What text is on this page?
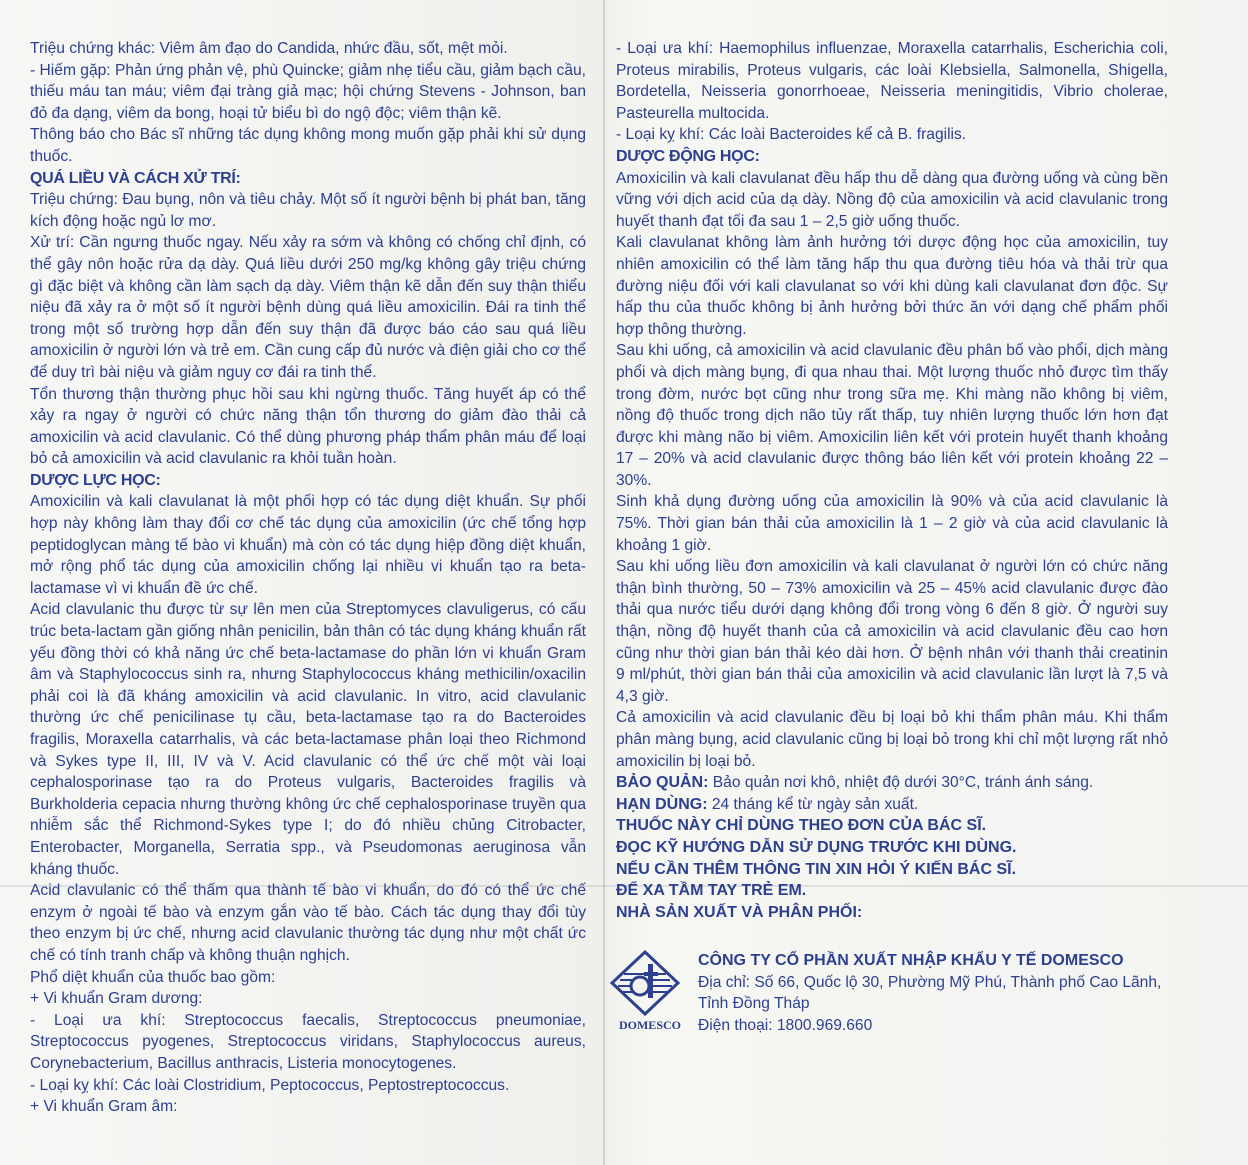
Triệu chứng khác: Viêm âm đạo do Candida, nhức đầu, sốt, mệt mỏi.

- Hiếm gặp: Phản ứng phản vệ, phù Quincke; giảm nhẹ tiểu cầu, giảm bạch cầu, thiếu máu tan máu; viêm đại tràng giả mạc; hội chứng Stevens - Johnson, ban đỏ đa dạng, viêm da bong, hoại tử biểu bì do ngộ độc; viêm thận kẽ.

Thông báo cho Bác sĩ những tác dụng không mong muốn gặp phải khi sử dụng thuốc.

QUÁ LIỀU VÀ CÁCH XỬ TRÍ:

Triệu chứng: Đau bụng, nôn và tiêu chảy. Một số ít người bệnh bị phát ban, tăng kích động hoặc ngủ lơ mơ.

Xử trí: Cần ngưng thuốc ngay. Nếu xảy ra sớm và không có chống chỉ định, có thể gây nôn hoặc rửa dạ dày. Quá liều dưới 250 mg/kg không gây triệu chứng gì đặc biệt và không cần làm sạch dạ dày. Viêm thận kẽ dẫn đến suy thận thiểu niệu đã xảy ra ở một số ít người bệnh dùng quá liều amoxicilin. Đái ra tinh thể trong một số trường hợp dẫn đến suy thận đã được báo cáo sau quá liều amoxicilin ở người lớn và trẻ em. Cần cung cấp đủ nước và điện giải cho cơ thể để duy trì bài niệu và giảm nguy cơ đái ra tinh thể.

Tổn thương thận thường phục hồi sau khi ngừng thuốc. Tăng huyết áp có thể xảy ra ngay ở người có chức năng thận tổn thương do giảm đào thải cả amoxicilin và acid clavulanic. Có thể dùng phương pháp thẩm phân máu để loại bỏ cả amoxicilin và acid clavulanic ra khỏi tuần hoàn.

DƯỢC LỰC HỌC:

Amoxicilin và kali clavulanat là một phối hợp có tác dụng diệt khuẩn. Sự phối hợp này không làm thay đổi cơ chế tác dụng của amoxicilin (ức chế tổng hợp peptidoglycan màng tế bào vi khuẩn) mà còn có tác dụng hiệp đồng diệt khuẩn, mở rộng phổ tác dụng của amoxicilin chống lại nhiều vi khuẩn tạo ra beta-lactamase vì vi khuẩn đề ức chế.

Acid clavulanic thu được từ sự lên men của Streptomyces clavuligerus, có cấu trúc beta-lactam gần giống nhân penicilin, bản thân có tác dụng kháng khuẩn rất yếu đồng thời có khả năng ức chế beta-lactamase do phần lớn vi khuẩn Gram âm và Staphylococcus sinh ra, nhưng Staphylococcus kháng methicilin/oxacilin phải coi là đã kháng amoxicilin và acid clavulanic. In vitro, acid clavulanic thường ức chế penicilinase tụ cầu, beta-lactamase tạo ra do Bacteroides fragilis, Moraxella catarrhalis, và các beta-lactamase phân loại theo Richmond và Sykes type II, III, IV và V. Acid clavulanic có thể ức chế một vài loại cephalosporinase tạo ra do Proteus vulgaris, Bacteroides fragilis và Burkholderia cepacia nhưng thường không ức chế cephalosporinase truyền qua nhiễm sắc thể Richmond-Sykes type I; do đó nhiều chủng Citrobacter, Enterobacter, Morganella, Serratia spp., và Pseudomonas aeruginosa vẫn kháng thuốc.

Acid clavulanic có thể thấm qua thành tế bào vi khuẩn, do đó có thể ức chế enzym ở ngoài tế bào và enzym gắn vào tế bào. Cách tác dụng thay đổi tùy theo enzym bị ức chế, nhưng acid clavulanic thường tác dụng như một chất ức chế có tính tranh chấp và không thuận nghịch.

Phổ diệt khuẩn của thuốc bao gồm:

+ Vi khuẩn Gram dương:

- Loại ưa khí: Streptococcus faecalis, Streptococcus pneumoniae, Streptococcus pyogenes, Streptococcus viridans, Staphylococcus aureus, Corynebacterium, Bacillus anthracis, Listeria monocytogenes.

- Loại kỵ khí: Các loài Clostridium, Peptococcus, Peptostreptococcus.

+ Vi khuẩn Gram âm:

- Loại ưa khí: Haemophilus influenzae, Moraxella catarrhalis, Escherichia coli, Proteus mirabilis, Proteus vulgaris, các loài Klebsiella, Salmonella, Shigella, Bordetella, Neisseria gonorrhoeae, Neisseria meningitidis, Vibrio cholerae, Pasteurella multocida.

- Loại kỵ khí: Các loài Bacteroides kể cả B. fragilis.

DƯỢC ĐỘNG HỌC:

Amoxicilin và kali clavulanat đều hấp thu dễ dàng qua đường uống và cùng bền vững với dịch acid của dạ dày. Nồng độ của amoxicilin và acid clavulanic trong huyết thanh đạt tối đa sau 1 – 2,5 giờ uống thuốc.

Kali clavulanat không làm ảnh hưởng tới dược động học của amoxicilin, tuy nhiên amoxicilin có thể làm tăng hấp thu qua đường tiêu hóa và thải trừ qua đường niệu đối với kali clavulanat so với khi dùng kali clavulanat đơn độc. Sự hấp thu của thuốc không bị ảnh hưởng bởi thức ăn với dạng chế phẩm phối hợp thông thường.

Sau khi uống, cả amoxicilin và acid clavulanic đều phân bố vào phổi, dịch màng phổi và dịch màng bụng, đi qua nhau thai. Một lượng thuốc nhỏ được tìm thấy trong đờm, nước bọt cũng như trong sữa mẹ. Khi màng não không bị viêm, nồng độ thuốc trong dịch não tủy rất thấp, tuy nhiên lượng thuốc lớn hơn đạt được khi màng não bị viêm. Amoxicilin liên kết với protein huyết thanh khoảng 17 – 20% và acid clavulanic được thông báo liên kết với protein khoảng 22 – 30%.

Sinh khả dụng đường uống của amoxicilin là 90% và của acid clavulanic là 75%. Thời gian bán thải của amoxicilin là 1 – 2 giờ và của acid clavulanic là khoảng 1 giờ.

Sau khi uống liều đơn amoxicilin và kali clavulanat ở người lớn có chức năng thận bình thường, 50 – 73% amoxicilin và 25 – 45% acid clavulanic được đào thải qua nước tiểu dưới dạng không đổi trong vòng 6 đến 8 giờ. Ở người suy thận, nồng độ huyết thanh của cả amoxicilin và acid clavulanic đều cao hơn cũng như thời gian bán thải kéo dài hơn. Ở bệnh nhân với thanh thải creatinin 9 ml/phút, thời gian bán thải của amoxicilin và acid clavulanic lần lượt là 7,5 và 4,3 giờ.

Cả amoxicilin và acid clavulanic đều bị loại bỏ khi thẩm phân máu. Khi thẩm phân màng bụng, acid clavulanic cũng bị loại bỏ trong khi chỉ một lượng rất nhỏ amoxicilin bị loại bỏ.

BẢO QUẢN: Bảo quản nơi khô, nhiệt độ dưới 30°C, tránh ánh sáng.

HẠN DÙNG: 24 tháng kể từ ngày sản xuất.

THUỐC NÀY CHỈ DÙNG THEO ĐƠN CỦA BÁC SĨ.

ĐỌC KỸ HƯỚNG DẪN SỬ DỤNG TRƯỚC KHI DÙNG.

NẾU CẦN THÊM THÔNG TIN XIN HỎI Ý KIẾN BÁC SĨ.

ĐỂ XA TẦM TAY TRẺ EM.

NHÀ SẢN XUẤT VÀ PHÂN PHỐI:

DOMESCO
CÔNG TY CỔ PHẦN XUẤT NHẬP KHẨU Y TẾ DOMESCO
Địa chỉ: Số 66, Quốc lộ 30, Phường Mỹ Phú, Thành phố Cao Lãnh, Tỉnh Đồng Tháp
Điện thoại: 1800.969.660
